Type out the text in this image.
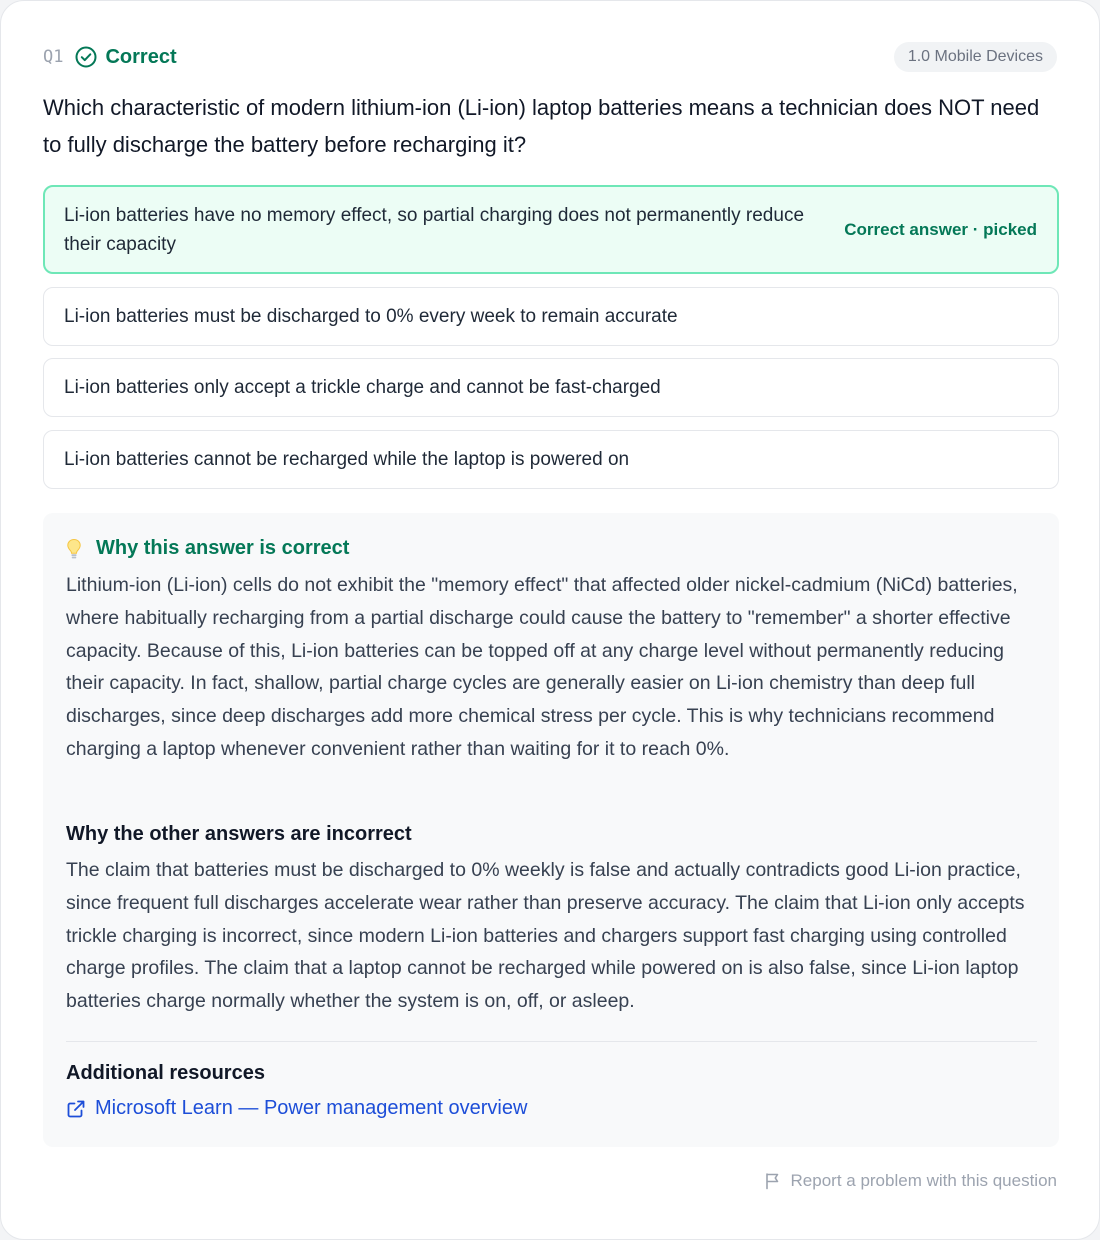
Q1 Correct	1.0 Mobile Devices
Which characteristic of modern lithium-ion (Li-ion) laptop batteries means a technician does NOT need to fully discharge the battery before recharging it?
Li-ion batteries have no memory effect, so partial charging does not permanently reduce their capacity
Correct answer · picked
Li-ion batteries must be discharged to 0% every week to remain accurate
Li-ion batteries only accept a trickle charge and cannot be fast-charged
Li-ion batteries cannot be recharged while the laptop is powered on
Why this answer is correct

Lithium-ion (Li-ion) cells do not exhibit the "memory effect" that affected older nickel-cadmium (NiCd) batteries, where habitually recharging from a partial discharge could cause the battery to "remember" a shorter effective capacity. Because of this, Li-ion batteries can be topped off at any charge level without permanently reducing their capacity. In fact, shallow, partial charge cycles are generally easier on Li-ion chemistry than deep full discharges, since deep discharges add more chemical stress per cycle. This is why technicians recommend charging a laptop whenever convenient rather than waiting for it to reach 0%.

Why the other answers are incorrect

The claim that batteries must be discharged to 0% weekly is false and actually contradicts good Li-ion practice, since frequent full discharges accelerate wear rather than preserve accuracy. The claim that Li-ion only accepts trickle charging is incorrect, since modern Li-ion batteries and chargers support fast charging using controlled charge profiles. The claim that a laptop cannot be recharged while powered on is also false, since Li-ion laptop batteries charge normally whether the system is on, off, or asleep.

Additional resources
Microsoft Learn — Power management overview
Report a problem with this question
